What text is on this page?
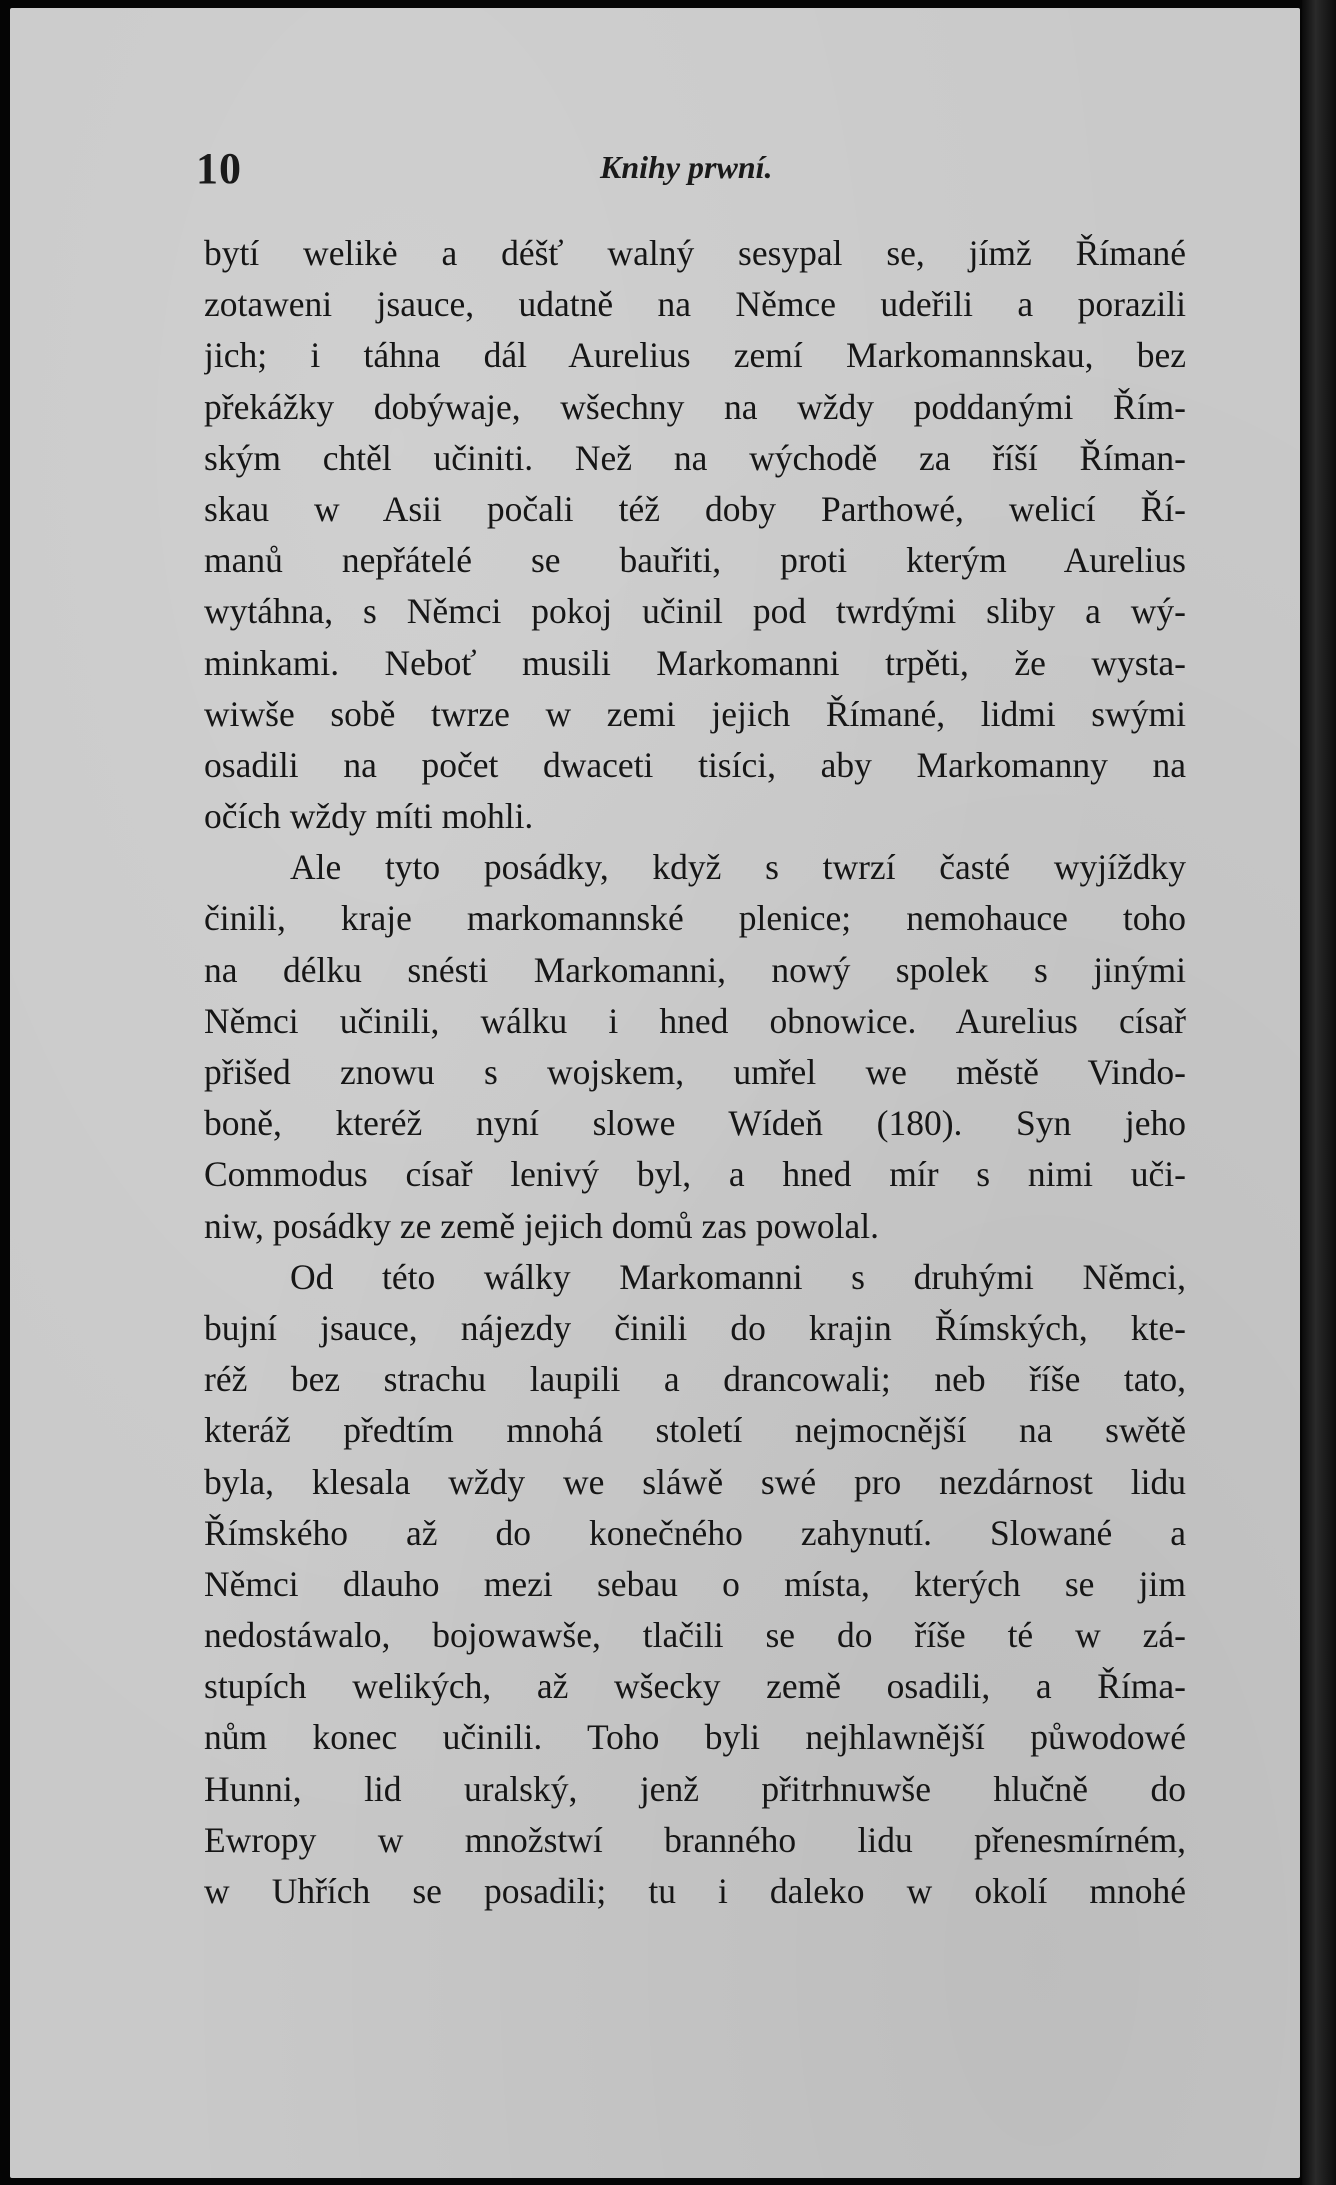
10	Knihy prwní.
bytí welikė a déšť walný sesypal se, jímž Římané
zotaweni jsauce, udatně na Němce udeřili a porazili
jich; i táhna dál Aurelius zemí Markomannskau, bez
překážky dobýwaje, wšechny na wždy poddanými Řím-
ským chtěl učiniti. Než na wýchodě za říší Říman-
skau w Asii počali též doby Parthowé, welicí Ří-
manů nepřátelé se bauřiti, proti kterým Aurelius
wytáhna, s Němci pokoj učinil pod twrdými sliby a wý-
minkami. Neboť musili Markomanni trpěti, že wysta-
wiwše sobě twrze w zemi jejich Římané, lidmi swými
osadili na počet dwaceti tisíci, aby Markomanny na
očích wždy míti mohli.
Ale tyto posádky, když s twrzí časté wyjíždky
činili, kraje markomannské plenice; nemohauce toho
na délku snésti Markomanni, nowý spolek s jinými
Němci učinili, wálku i hned obnowice. Aurelius císař
přišed znowu s wojskem, umřel we městě Vindo-
boně, kteréž nyní slowe Wídeň (180). Syn jeho
Commodus císař lenivý byl, a hned mír s nimi uči-
niw, posádky ze země jejich domů zas powolal.
Od této wálky Markomanni s druhými Němci,
bujní jsauce, nájezdy činili do krajin Římských, kte-
réž bez strachu laupili a drancowali; neb říše tato,
kteráž předtím mnohá století nejmocnější na swětě
byla, klesala wždy we sláwě swé pro nezdárnost lidu
Římského až do konečného zahynutí. Slowané a
Němci dlauho mezi sebau o místa, kterých se jim
nedostáwalo, bojowawše, tlačili se do říše té w zá-
stupích welikých, až wšecky země osadili, a Říma-
nům konec učinili. Toho byli nejhlawnější půwodowé
Hunni, lid uralský, jenž přitrhnuwše hlučně do
Ewropy w množstwí branného lidu přenesmírném,
w Uhřích se posadili; tu i daleko w okolí mnohé
